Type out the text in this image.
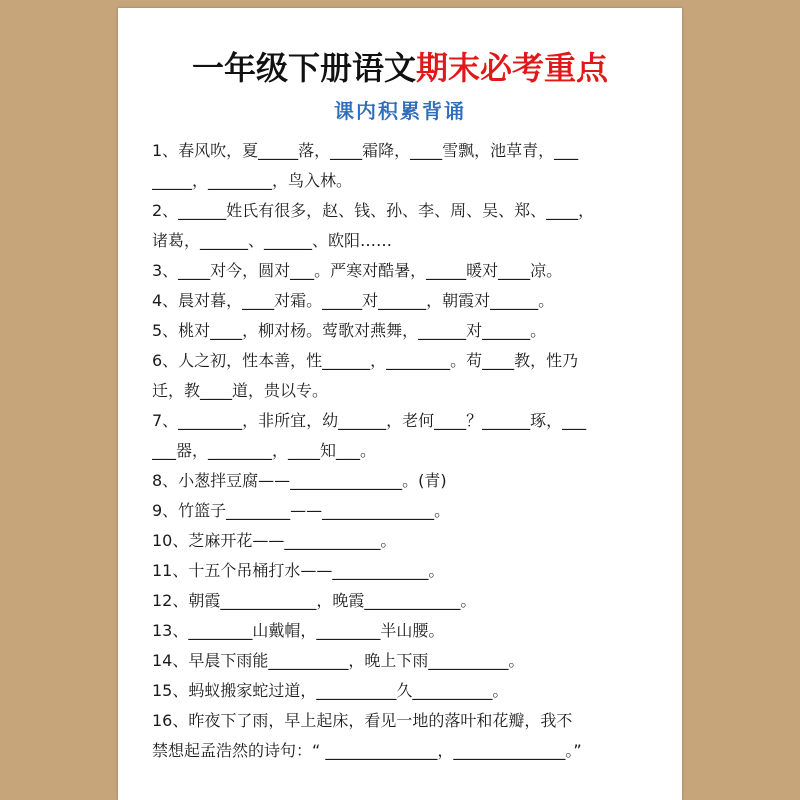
一年级下册语文期末必考重点
课内积累背诵
1、春风吹，夏_____落，____霜降，____雪飘，池草青，___
_____，________，鸟入林。
2、______姓氏有很多，赵、钱、孙、李、周、吴、郑、____，
诸葛，______、______、欧阳……
3、____对今，圆对___。严寒对酷暑，_____暖对____凉。
4、晨对暮，____对霜。_____对______，朝霞对______。
5、桃对____，柳对杨。莺歌对燕舞，______对______。
6、人之初，性本善，性______，________。苟____教，性乃
迁，教____道，贵以专。
7、________，非所宜，幼______，老何____？______琢，___
___器，________，____知___。
8、小葱拌豆腐——______________。(青)
9、竹篮子________——______________。
10、芝麻开花——____________。
11、十五个吊桶打水——____________。
12、朝霞____________，晚霞____________。
13、________山戴帽，________半山腰。
14、早晨下雨能__________，晚上下雨__________。
15、蚂蚁搬家蛇过道，__________久__________。
16、昨夜下了雨，早上起床，看见一地的落叶和花瓣，我不
禁想起孟浩然的诗句：“ ______________，______________。”
